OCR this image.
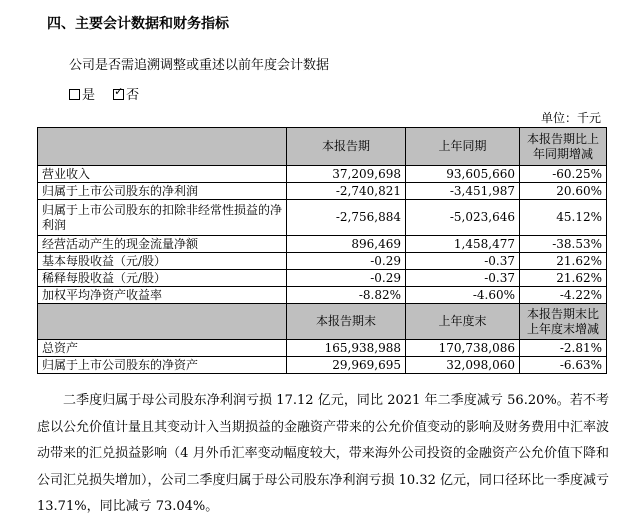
四、主要会计数据和财务指标
公司是否需追溯调整或重述以前年度会计数据
是 ✓ 否
单位：千元
	本报告期	上年同期	本报告期比上年同期增减
营业收入	37,209,698	93,605,660	-60.25%
归属于上市公司股东的净利润	-2,740,821	-3,451,987	20.60%
归属于上市公司股东的扣除非经常性损益的净利润	-2,756,884	-5,023,646	45.12%
经营活动产生的现金流量净额	896,469	1,458,477	-38.53%
基本每股收益（元/股）	-0.29	-0.37	21.62%
稀释每股收益（元/股）	-0.29	-0.37	21.62%
加权平均净资产收益率	-8.82%	-4.60%	-4.22%
	本报告期末	上年度末	本报告期末比上年度末增减
总资产	165,938,988	170,738,086	-2.81%
归属于上市公司股东的净资产	29,969,695	32,098,060	-6.63%

二季度归属于母公司股东净利润亏损 17.12 亿元，同比 2021 年二季度减亏 56.20%。若不考虑以公允价值计量且其变动计入当期损益的金融资产带来的公允价值变动的影响及财务费用中汇率波动带来的汇兑损益影响（4 月外币汇率变动幅度较大，带来海外公司投资的金融资产公允价值下降和公司汇兑损失增加），公司二季度归属于母公司股东净利润亏损 10.32 亿元，同口径环比一季度减亏 13.71%，同比减亏 73.04%。
